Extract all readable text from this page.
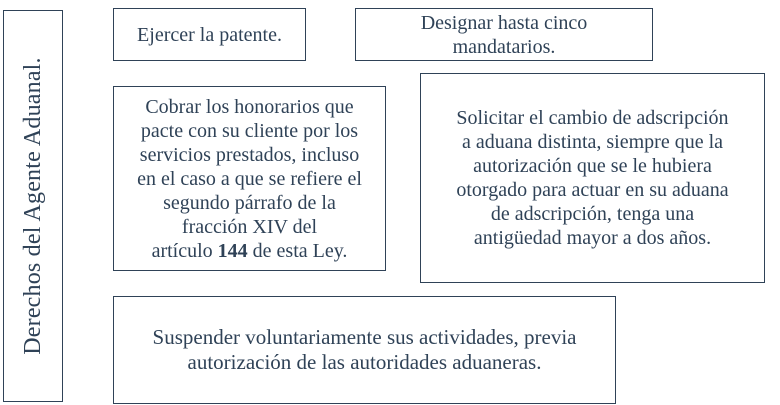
Derechos del Agente Aduanal.
Ejercer la patente.
Designar hasta cinco
mandatarios.
Cobrar los honorarios que
pacte con su cliente por los
servicios prestados, incluso
en el caso a que se refiere el
segundo párrafo de la
fracción XIV del
artículo 144 de esta Ley.
Solicitar el cambio de adscripción
a aduana distinta, siempre que la
autorización que se le hubiera
otorgado para actuar en su aduana
de adscripción, tenga una
antigüedad mayor a dos años.
Suspender voluntariamente sus actividades, previa
autorización de las autoridades aduaneras.
